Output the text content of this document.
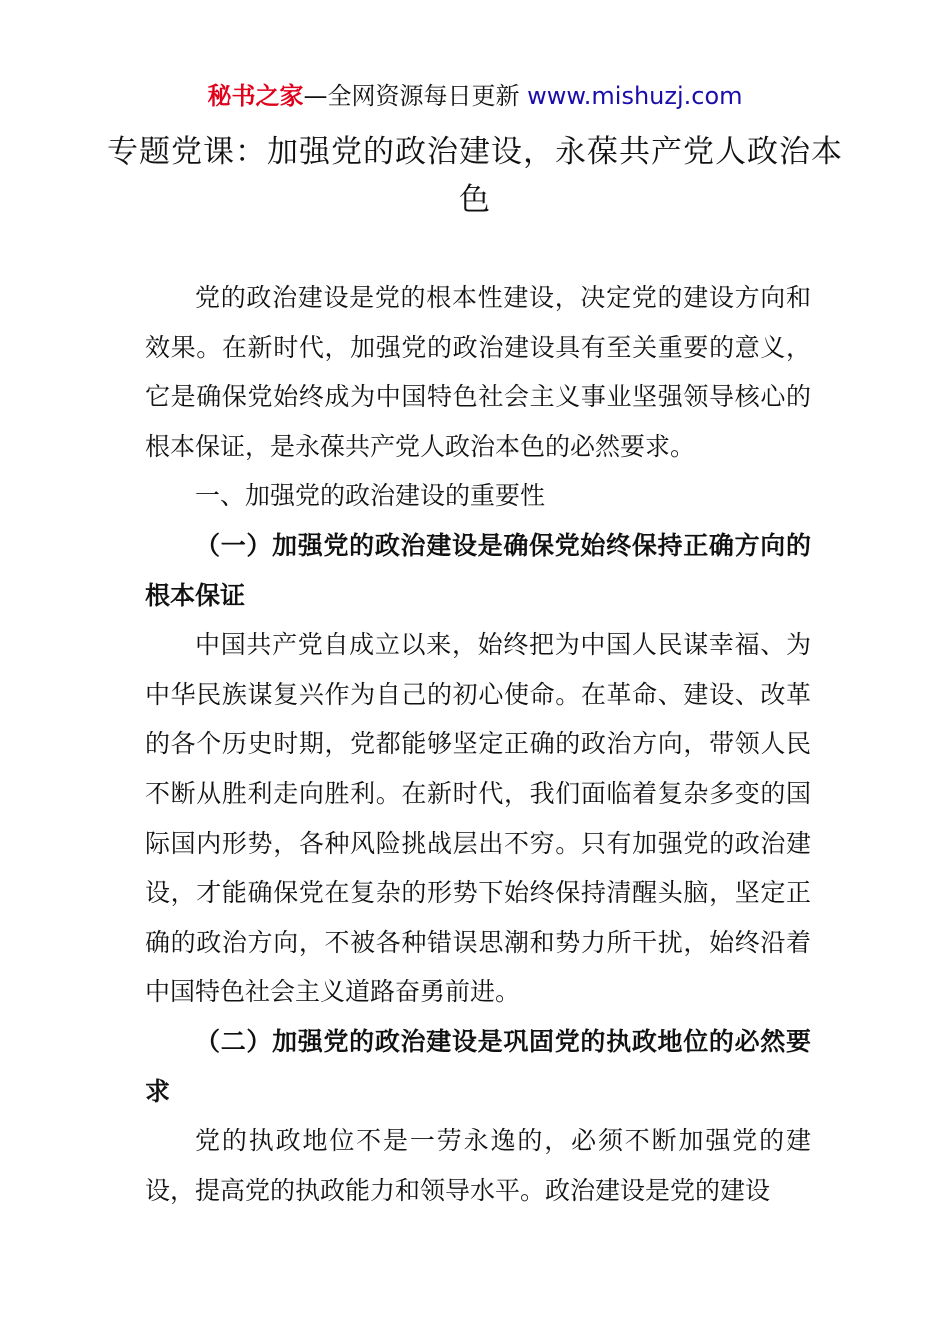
秘书之家—全网资源每日更新 www.mishuzj.com
专题党课：加强党的政治建设，永葆共产党人政治本色

党的政治建设是党的根本性建设，决定党的建设方向和效果。在新时代，加强党的政治建设具有至关重要的意义，它是确保党始终成为中国特色社会主义事业坚强领导核心的根本保证，是永葆共产党人政治本色的必然要求。

一、加强党的政治建设的重要性

（一）加强党的政治建设是确保党始终保持正确方向的根本保证

中国共产党自成立以来，始终把为中国人民谋幸福、为中华民族谋复兴作为自己的初心使命。在革命、建设、改革的各个历史时期，党都能够坚定正确的政治方向，带领人民不断从胜利走向胜利。在新时代，我们面临着复杂多变的国际国内形势，各种风险挑战层出不穷。只有加强党的政治建设，才能确保党在复杂的形势下始终保持清醒头脑，坚定正确的政治方向，不被各种错误思潮和势力所干扰，始终沿着中国特色社会主义道路奋勇前进。

（二）加强党的政治建设是巩固党的执政地位的必然要求

党的执政地位不是一劳永逸的，必须不断加强党的建设，提高党的执政能力和领导水平。政治建设是党的建设
